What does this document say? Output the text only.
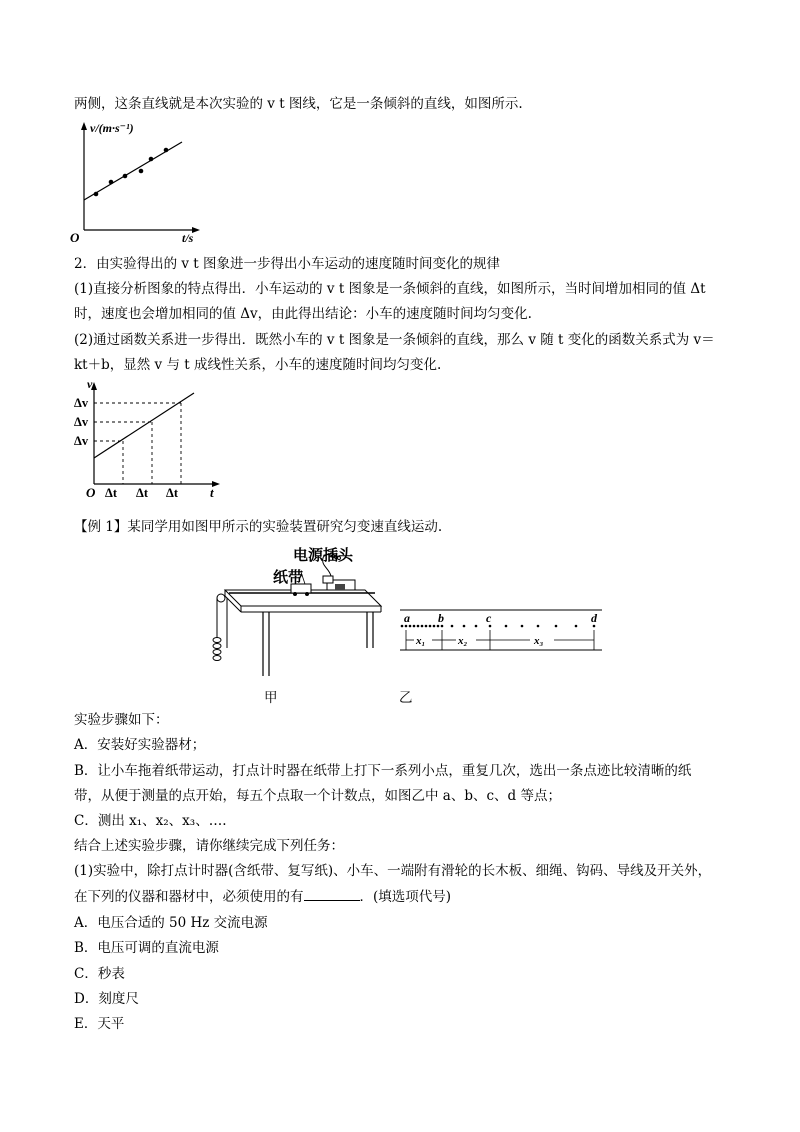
两侧，这条直线就是本次实验的 v t 图线，它是一条倾斜的直线，如图所示.
v/(m·s⁻¹)
t/s
O
2．由实验得出的 v t 图象进一步得出小车运动的速度随时间变化的规律
(1)直接分析图象的特点得出．小车运动的 v t 图象是一条倾斜的直线，如图所示，当时间增加相同的值 Δt
时，速度也会增加相同的值 Δv，由此得出结论：小车的速度随时间均匀变化.
(2)通过函数关系进一步得出．既然小车的 v t 图象是一条倾斜的直线，那么 v 随 t 变化的函数关系式为 v＝
kt＋b，显然 v 与 t 成线性关系，小车的速度随时间均匀变化.
v
Δv
Δv
Δv
O Δt Δt Δt t
【例 1】某同学用如图甲所示的实验装置研究匀变速直线运动.
电源插头
纸带
甲
a b	c	d
x₁	x₂	x₃
乙
实验步骤如下：
A．安装好实验器材；
B．让小车拖着纸带运动，打点计时器在纸带上打下一系列小点，重复几次，选出一条点迹比较清晰的纸
带，从便于测量的点开始，每五个点取一个计数点，如图乙中 a、b、c、d 等点；
C．测出 x₁、x₂、x₃、….
结合上述实验步骤，请你继续完成下列任务：
(1)实验中，除打点计时器(含纸带、复写纸)、小车、一端附有滑轮的长木板、细绳、钩码、导线及开关外，
在下列的仪器和器材中，必须使用的有	．(填选项代号)
A．电压合适的 50 Hz 交流电源
B．电压可调的直流电源
C．秒表
D．刻度尺
E．天平
